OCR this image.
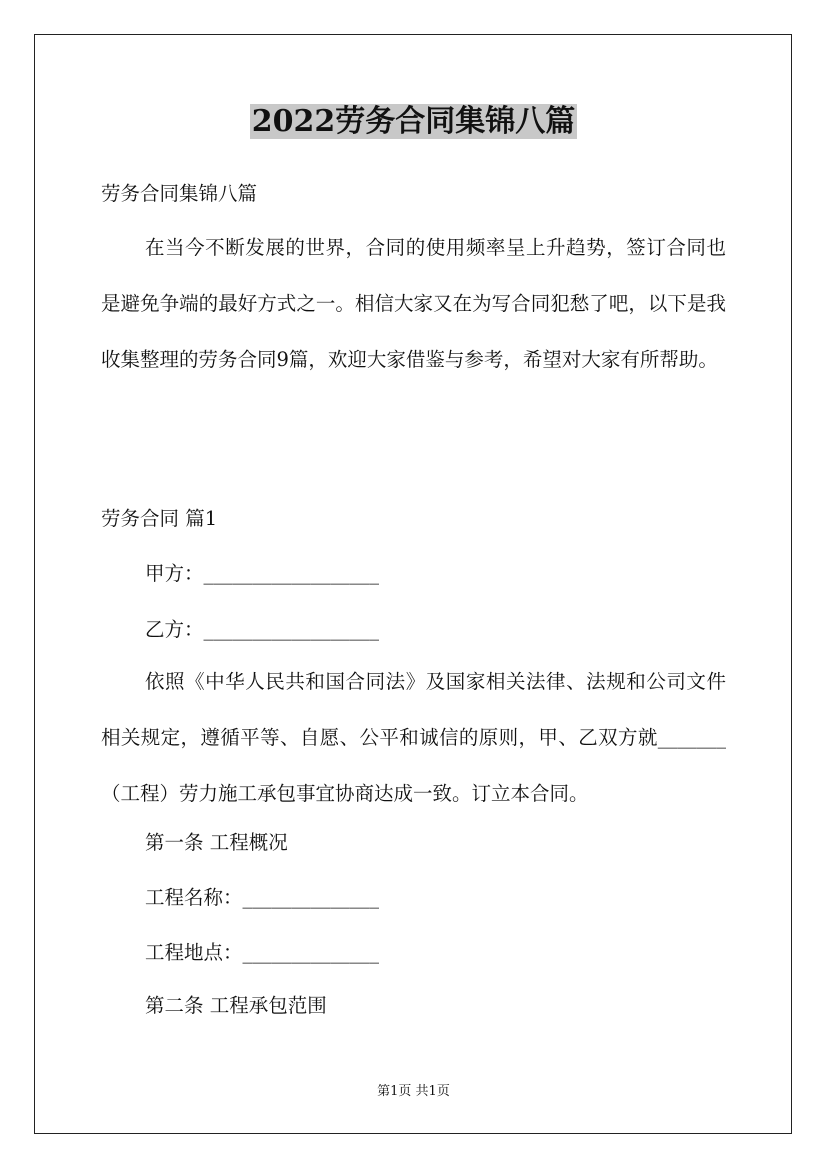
2022劳务合同集锦八篇
劳务合同集锦八篇
在当今不断发展的世界，合同的使用频率呈上升趋势，签订合同也是避免争端的最好方式之一。相信大家又在为写合同犯愁了吧，以下是我收集整理的劳务合同9篇，欢迎大家借鉴与参考，希望对大家有所帮助。
劳务合同 篇1
甲方：__________________
乙方：__________________
依照《中华人民共和国合同法》及国家相关法律、法规和公司文件相关规定，遵循平等、自愿、公平和诚信的原则，甲、乙双方就_______（工程）劳力施工承包事宜协商达成一致。订立本合同。
第一条 工程概况
工程名称：______________
工程地点：______________
第二条 工程承包范围
第1页 共1页
